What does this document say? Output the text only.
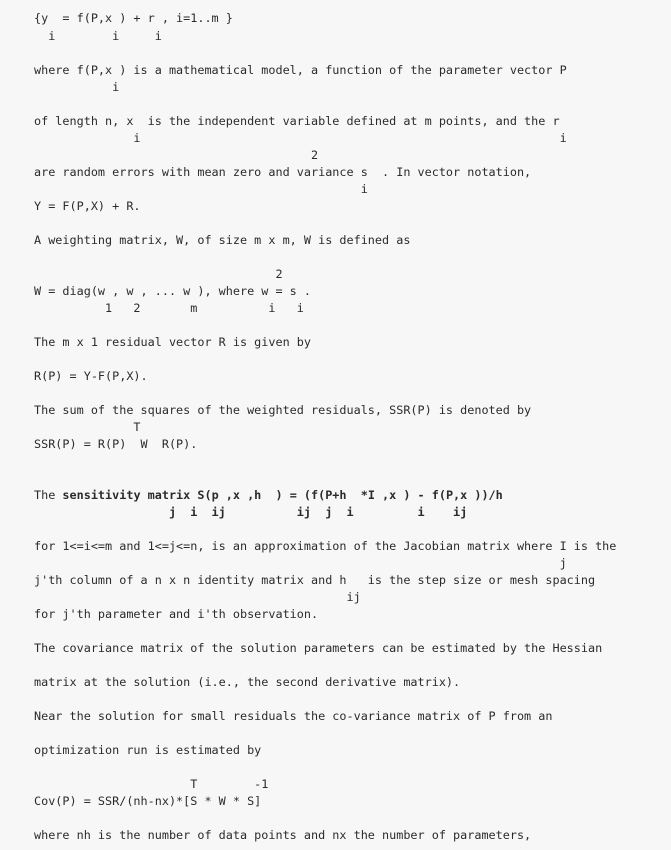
{y  = f(P,x ) + r , i=1..m }
i        i     i
where f(P,x ) is a mathematical model, a function of the parameter vector P
i
of length n, x  is the independent variable defined at m points, and the r
i                                                           i
2
are random errors with mean zero and variance s  . In vector notation,
i
Y = F(P,X) + R.
A weighting matrix, W, of size m x m, W is defined as
2
W = diag(w , w , ... w ), where w = s .
1   2       m          i   i
The m x 1 residual vector R is given by
R(P) = Y-F(P,X).
The sum of the squares of the weighted residuals, SSR(P) is denoted by
T
SSR(P) = R(P)  W  R(P).
The sensitivity matrix S(p ,x ,h  ) = (f(P+h  *I ,x ) - f(P,x ))/h
j  i  ij          ij  j  i         i    ij
for 1<=i<=m and 1<=j<=n, is an approximation of the Jacobian matrix where I is the
j
j'th column of a n x n identity matrix and h   is the step size or mesh spacing
ij
for j'th parameter and i'th observation.
The covariance matrix of the solution parameters can be estimated by the Hessian
matrix at the solution (i.e., the second derivative matrix).
Near the solution for small residuals the co-variance matrix of P from an
optimization run is estimated by
T        -1
Cov(P) = SSR/(nh-nx)*[S * W * S]
where nh is the number of data points and nx the number of parameters,
